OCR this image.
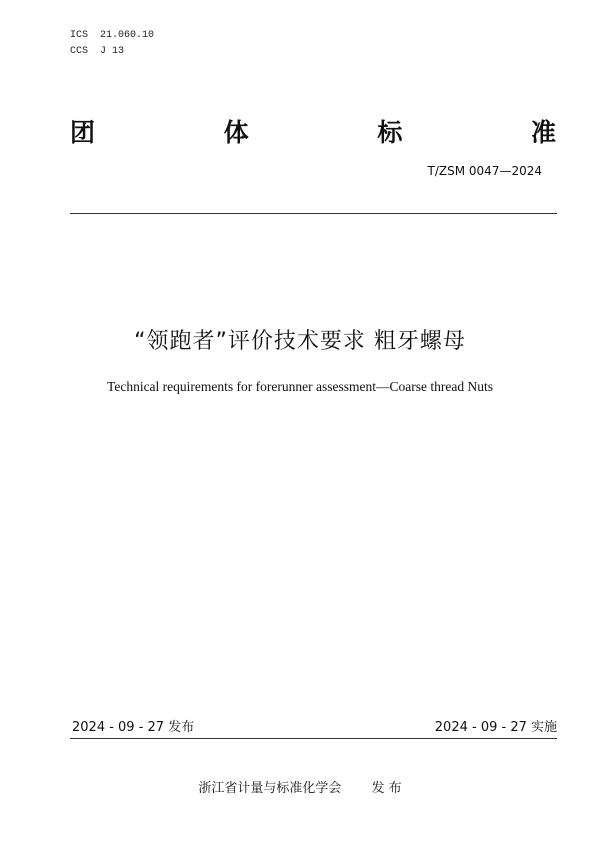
ICS  21.060.10
CCS  J 13
团	体	标	准
T/ZSM 0047—2024
“领跑者”评价技术要求 粗牙螺母
Technical requirements for forerunner assessment—Coarse thread Nuts
2024 - 09 - 27 发布	2024 - 09 - 27 实施
浙江省计量与标准化学会 发 布
